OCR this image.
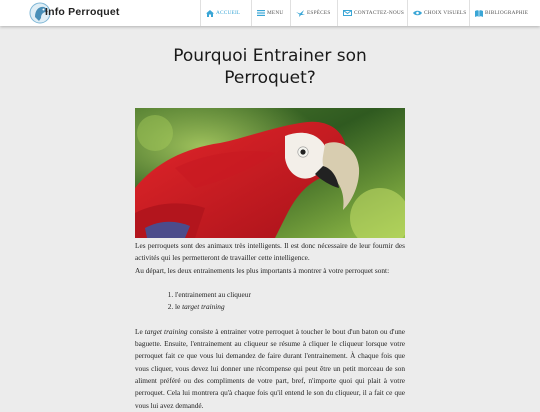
Info Perroquet	ACCUEIL	MENU	ESPÈCES	CONTACTEZ-NOUS	CHOIX VISUELS	BIBLIOGRAPHIE
Pourquoi Entrainer son Perroquet?

Les perroquets sont des animaux très intelligents. Il est donc nécessaire de leur fournir des activités qui les permetteront de travailler cette intelligence.
Au départ, les deux entrainements les plus importants à montrer à votre perroquet sont:

1. l'entrainement au cliqueur
2. le target training

Le target training consiste à entrainer votre perroquet à toucher le bout d'un baton ou d'une baguette. Ensuite, l'entrainement au cliqueur se résume à cliquer le cliqueur lorsque votre perroquet fait ce que vous lui demandez de faire durant l'entrainement. À chaque fois que vous cliquer, vous devez lui donner une récompense qui peut être un petit morceau de son aliment préféré ou des compliments de votre part, bref, n'importe quoi qui plait à votre perroquet. Cela lui montrera qu'à chaque fois qu'il entend le son du cliqueur, il a fait ce que vous lui avez demandé.
